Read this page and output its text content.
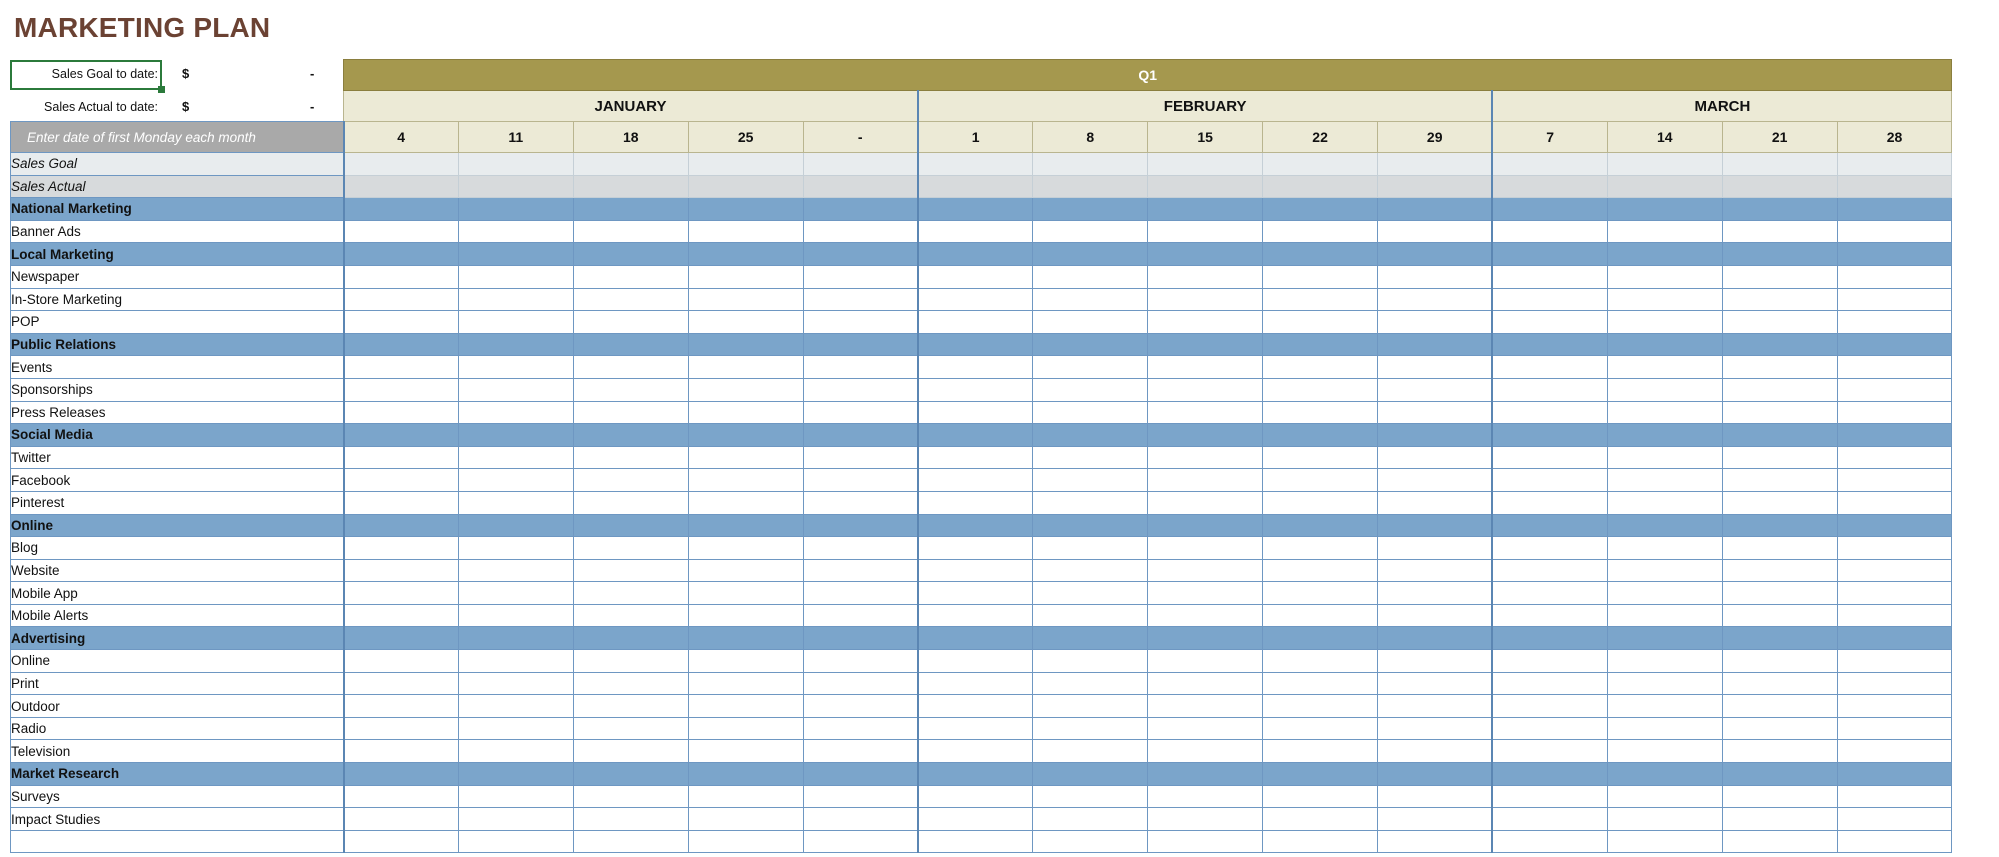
MARKETING PLAN
Sales Goal to date: $	-
Sales Actual to date: $	-
	Q1													
	JANUARY					FEBRUARY					MARCH			
Enter date of first Monday each month	4	11	18	25	-	1	8	15	22	29	7	14	21	28
Sales Goal														
Sales Actual														
National Marketing														
Banner Ads														
Local Marketing														
Newspaper														
In-Store Marketing														
POP														
Public Relations														
Events														
Sponsorships														
Press Releases														
Social Media														
Twitter														
Facebook														
Pinterest														
Online														
Blog														
Website														
Mobile App														
Mobile Alerts														
Advertising														
Online														
Print														
Outdoor														
Radio														
Television														
Market Research														
Surveys														
Impact Studies														
